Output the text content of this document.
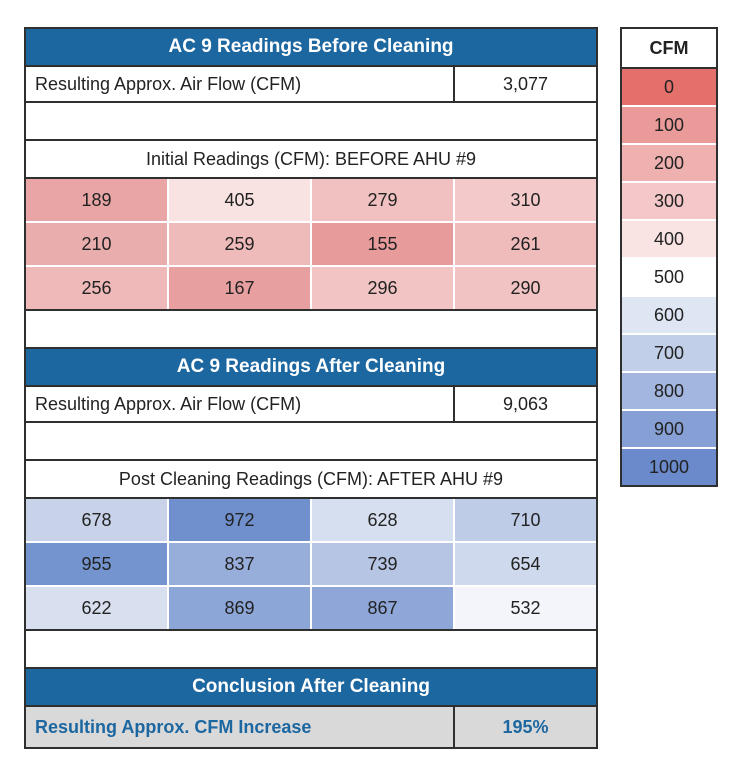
AC 9 Readings Before Cleaning
Resulting Approx. Air Flow (CFM)	3,077
Initial Readings (CFM): BEFORE AHU #9
189	405	279	310
210	259	155	261
256	167	296	290
AC 9 Readings After Cleaning
Resulting Approx. Air Flow (CFM)	9,063
Post Cleaning Readings (CFM): AFTER AHU #9
678	972	628	710
955	837	739	654
622	869	867	532
Conclusion After Cleaning
Resulting Approx. CFM Increase	195%
CFM
0
100
200
300
400
500
600
700
800
900
1000
